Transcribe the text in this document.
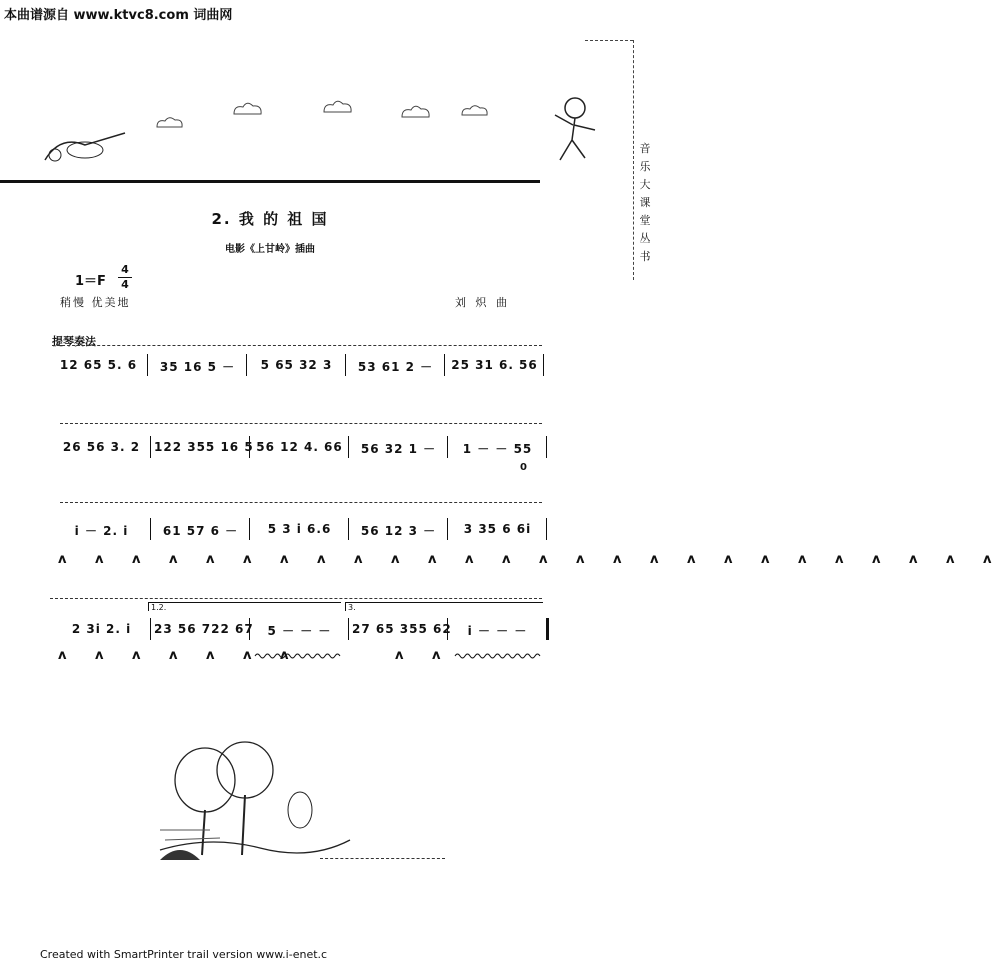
本曲谱源自 www.ktvc8.com 词曲网
音
乐
大
课
堂
丛
书
2. 我 的 祖 国
电影《上甘岭》插曲
1＝F
4
4
稍慢 优美地	刘 炽 曲
提琴奏法
12 65 5. 6	35 16 5 －	5 65 32 3	53 61 2 －	25 31 6. 56
26 56 3. 2	122 355 16 5 56 12 4. 66	56 32 1 －	1 － － 55
0
i － 2. i	61 57 6 －	5 3 i 6.6	56 12 3 －	3 35 6 6i
ʌ ʌ ʌ ʌ ʌ ʌ ʌ ʌ ʌ ʌ ʌ ʌ ʌ ʌ ʌ ʌ ʌ ʌ ʌ ʌ ʌ ʌ ʌ ʌ ʌ ʌ
1.2.	3.
2 3i 2. i	23 56 722 67	5 － － －	27 65 355 62	i － － －
ʌ ʌ ʌ ʌ ʌ ʌ ʌ	ʌ ʌ
Created with SmartPrinter trail version www.i-enet.c
